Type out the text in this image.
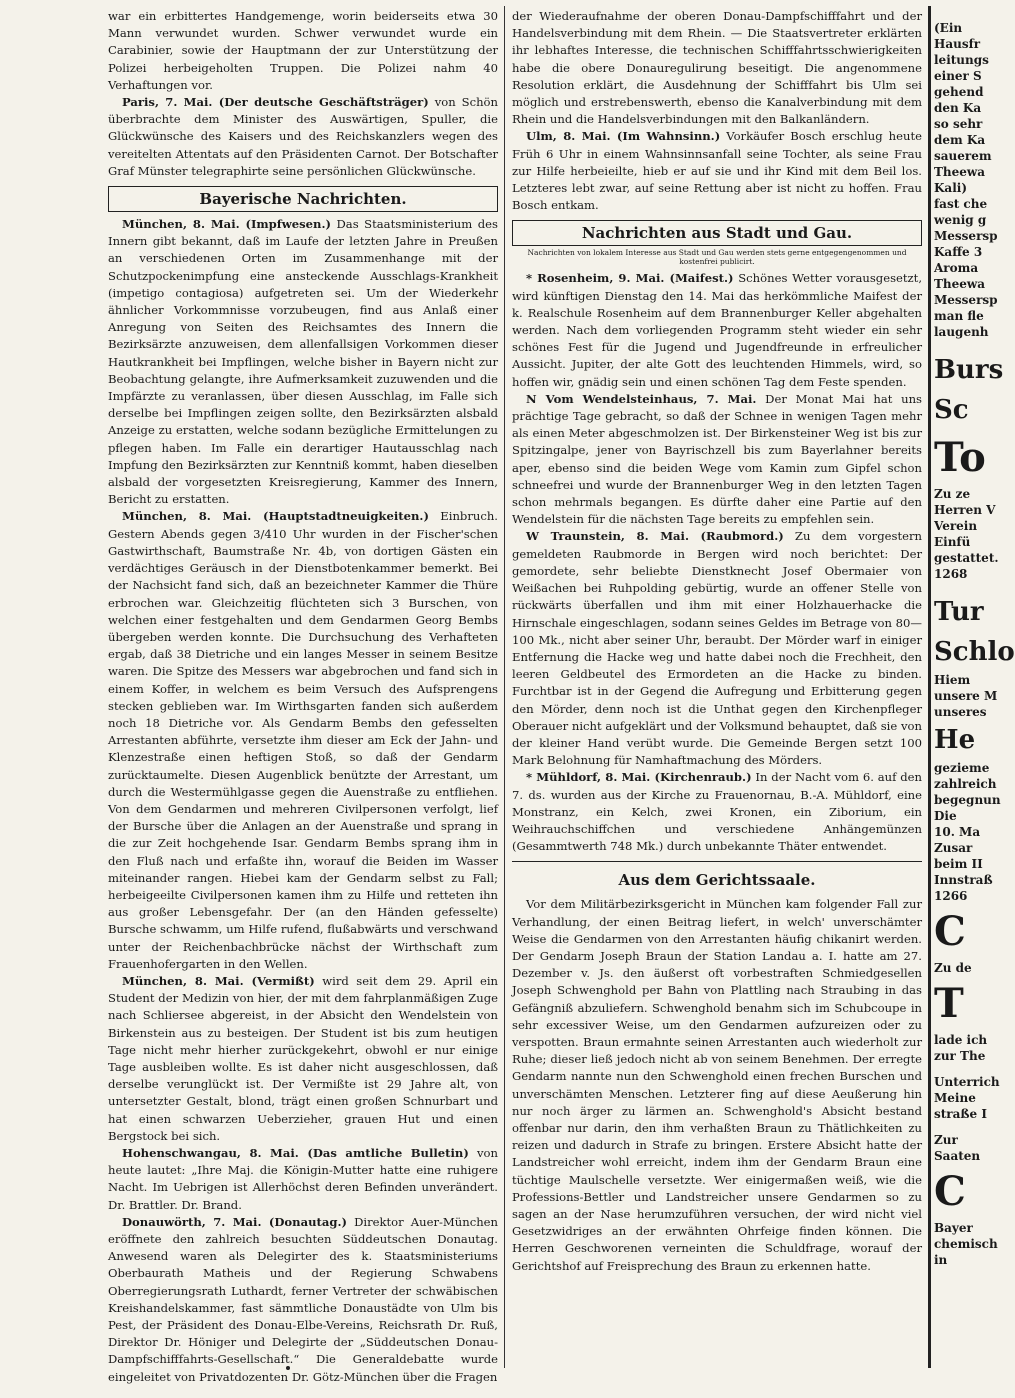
war ein erbittertes Handgemenge, worin beiderseits etwa 30 Mann verwundet wurden. Schwer verwundet wurde ein Carabinier, sowie der Hauptmann der zur Unterstützung der Polizei herbeigeholten Truppen. Die Polizei nahm 40 Verhaftungen vor.

Paris, 7. Mai. (Der deutsche Geschäftsträger) von Schön überbrachte dem Minister des Auswärtigen, Spuller, die Glückwünsche des Kaisers und des Reichskanzlers wegen des vereitelten Attentats auf den Präsidenten Carnot. Der Botschafter Graf Münster telegraphirte seine persönlichen Glückwünsche.

Bayerische Nachrichten.

München, 8. Mai. (Impfwesen.) Das Staatsministerium des Innern gibt bekannt, daß im Laufe der letzten Jahre in Preußen an verschiedenen Orten im Zusammenhange mit der Schutzpockenimpfung eine ansteckende Ausschlags-Krankheit (impetigo contagiosa) aufgetreten sei. Um der Wiederkehr ähnlicher Vorkommnisse vorzubeugen, find aus Anlaß einer Anregung von Seiten des Reichsamtes des Innern die Bezirksärzte anzuweisen, dem allenfallsigen Vorkommen dieser Hautkrankheit bei Impflingen, welche bisher in Bayern nicht zur Beobachtung gelangte, ihre Aufmerksamkeit zuzuwenden und die Impfärzte zu veranlassen, über diesen Ausschlag, im Falle sich derselbe bei Impflingen zeigen sollte, den Bezirksärzten alsbald Anzeige zu erstatten, welche sodann bezügliche Ermittelungen zu pflegen haben. Im Falle ein derartiger Hautausschlag nach Impfung den Bezirksärzten zur Kenntniß kommt, haben dieselben alsbald der vorgesetzten Kreisregierung, Kammer des Innern, Bericht zu erstatten.

München, 8. Mai. (Hauptstadtneuigkeiten.) Einbruch. Gestern Abends gegen 3/410 Uhr wurden in der Fischer'schen Gastwirthschaft, Baumstraße Nr. 4b, von dortigen Gästen ein verdächtiges Geräusch in der Dienstbotenkammer bemerkt. Bei der Nachsicht fand sich, daß an bezeichneter Kammer die Thüre erbrochen war. Gleichzeitig flüchteten sich 3 Burschen, von welchen einer festgehalten und dem Gendarmen Georg Bembs übergeben werden konnte. Die Durchsuchung des Verhafteten ergab, daß 38 Dietriche und ein langes Messer in seinem Besitze waren. Die Spitze des Messers war abgebrochen und fand sich in einem Koffer, in welchem es beim Versuch des Aufsprengens stecken geblieben war. Im Wirthsgarten fanden sich außerdem noch 18 Dietriche vor. Als Gendarm Bembs den gefesselten Arrestanten abführte, versetzte ihm dieser am Eck der Jahn- und Klenzestraße einen heftigen Stoß, so daß der Gendarm zurücktaumelte. Diesen Augenblick benützte der Arrestant, um durch die Westermühlgasse gegen die Auenstraße zu entfliehen. Von dem Gendarmen und mehreren Civilpersonen verfolgt, lief der Bursche über die Anlagen an der Auenstraße und sprang in die zur Zeit hochgehende Isar. Gendarm Bembs sprang ihm in den Fluß nach und erfaßte ihn, worauf die Beiden im Wasser miteinander rangen. Hiebei kam der Gendarm selbst zu Fall; herbeigeeilte Civilpersonen kamen ihm zu Hilfe und retteten ihn aus großer Lebensgefahr. Der (an den Händen gefesselte) Bursche schwamm, um Hilfe rufend, flußabwärts und verschwand unter der Reichenbachbrücke nächst der Wirthschaft zum Frauenhofergarten in den Wellen.

München, 8. Mai. (Vermißt) wird seit dem 29. April ein Student der Medizin von hier, der mit dem fahrplanmäßigen Zuge nach Schliersee abgereist, in der Absicht den Wendelstein von Birkenstein aus zu besteigen. Der Student ist bis zum heutigen Tage nicht mehr hierher zurückgekehrt, obwohl er nur einige Tage ausbleiben wollte. Es ist daher nicht ausgeschlossen, daß derselbe verunglückt ist. Der Vermißte ist 29 Jahre alt, von untersetzter Gestalt, blond, trägt einen großen Schnurbart und hat einen schwarzen Ueberzieher, grauen Hut und einen Bergstock bei sich.

Hohenschwangau, 8. Mai. (Das amtliche Bulletin) von heute lautet: „Ihre Maj. die Königin-Mutter hatte eine ruhigere Nacht. Im Uebrigen ist Allerhöchst deren Befinden unverändert. Dr. Brattler. Dr. Brand.

Donauwörth, 7. Mai. (Donautag.) Direktor Auer-München eröffnete den zahlreich besuchten Süddeutschen Donautag. Anwesend waren als Delegirter des k. Staatsministeriums Oberbaurath Matheis und der Regierung Schwabens Oberregierungsrath Luthardt, ferner Vertreter der schwäbischen Kreishandelskammer, fast sämmtliche Donaustädte von Ulm bis Pest, der Präsident des Donau-Elbe-Vereins, Reichsrath Dr. Ruß, Direktor Dr. Höniger und Delegirte der „Süddeutschen Donau-Dampfschifffahrts-Gesellschaft.“ Die Generaldebatte wurde eingeleitet von Privatdozenten Dr. Götz-München über die Fragen

der Wiederaufnahme der oberen Donau-Dampfschifffahrt und der Handelsverbindung mit dem Rhein. — Die Staatsvertreter erklärten ihr lebhaftes Interesse, die technischen Schifffahrtsschwierigkeiten habe die obere Donauregulirung beseitigt. Die angenommene Resolution erklärt, die Ausdehnung der Schifffahrt bis Ulm sei möglich und erstrebenswerth, ebenso die Kanalverbindung mit dem Rhein und die Handelsverbindungen mit den Balkanländern.

Ulm, 8. Mai. (Im Wahnsinn.) Vorkäufer Bosch erschlug heute Früh 6 Uhr in einem Wahnsinnsanfall seine Tochter, als seine Frau zur Hilfe herbeieilte, hieb er auf sie und ihr Kind mit dem Beil los. Letzteres lebt zwar, auf seine Rettung aber ist nicht zu hoffen. Frau Bosch entkam.

Nachrichten aus Stadt und Gau.
Nachrichten von lokalem Interesse aus Stadt und Gau werden stets gerne entgegengenommen und kostenfrei publicirt.

* Rosenheim, 9. Mai. (Maifest.) Schönes Wetter vorausgesetzt, wird künftigen Dienstag den 14. Mai das herkömmliche Maifest der k. Realschule Rosenheim auf dem Brannenburger Keller abgehalten werden. Nach dem vorliegenden Programm steht wieder ein sehr schönes Fest für die Jugend und Jugendfreunde in erfreulicher Aussicht. Jupiter, der alte Gott des leuchtenden Himmels, wird, so hoffen wir, gnädig sein und einen schönen Tag dem Feste spenden.

N Vom Wendelsteinhaus, 7. Mai. Der Monat Mai hat uns prächtige Tage gebracht, so daß der Schnee in wenigen Tagen mehr als einen Meter abgeschmolzen ist. Der Birkensteiner Weg ist bis zur Spitzingalpe, jener von Bayrischzell bis zum Bayerlahner bereits aper, ebenso sind die beiden Wege vom Kamin zum Gipfel schon schneefrei und wurde der Brannenburger Weg in den letzten Tagen schon mehrmals begangen. Es dürfte daher eine Partie auf den Wendelstein für die nächsten Tage bereits zu empfehlen sein.

W Traunstein, 8. Mai. (Raubmord.) Zu dem vorgestern gemeldeten Raubmorde in Bergen wird noch berichtet: Der gemordete, sehr beliebte Dienstknecht Josef Obermaier von Weißachen bei Ruhpolding gebürtig, wurde an offener Stelle von rückwärts überfallen und ihm mit einer Holzhauerhacke die Hirnschale eingeschlagen, sodann seines Geldes im Betrage von 80—100 Mk., nicht aber seiner Uhr, beraubt. Der Mörder warf in einiger Entfernung die Hacke weg und hatte dabei noch die Frechheit, den leeren Geldbeutel des Ermordeten an die Hacke zu binden. Furchtbar ist in der Gegend die Aufregung und Erbitterung gegen den Mörder, denn noch ist die Unthat gegen den Kirchenpfleger Oberauer nicht aufgeklärt und der Volksmund behauptet, daß sie von der kleiner Hand verübt wurde. Die Gemeinde Bergen setzt 100 Mark Belohnung für Namhaftmachung des Mörders.

* Mühldorf, 8. Mai. (Kirchenraub.) In der Nacht vom 6. auf den 7. ds. wurden aus der Kirche zu Frauenornau, B.-A. Mühldorf, eine Monstranz, ein Kelch, zwei Kronen, ein Ziborium, ein Weihrauchschiffchen und verschiedene Anhängemünzen (Gesammtwerth 748 Mk.) durch unbekannte Thäter entwendet.

Aus dem Gerichtssaale.

Vor dem Militärbezirksgericht in München kam folgender Fall zur Verhandlung, der einen Beitrag liefert, in welch' unverschämter Weise die Gendarmen von den Arrestanten häufig chikanirt werden. Der Gendarm Joseph Braun der Station Landau a. I. hatte am 27. Dezember v. Js. den äußerst oft vorbestraften Schmiedgesellen Joseph Schwenghold per Bahn von Plattling nach Straubing in das Gefängniß abzuliefern. Schwenghold benahm sich im Schubcoupe in sehr excessiver Weise, um den Gendarmen aufzureizen oder zu verspotten. Braun ermahnte seinen Arrestanten auch wiederholt zur Ruhe; dieser ließ jedoch nicht ab von seinem Benehmen. Der erregte Gendarm nannte nun den Schwenghold einen frechen Burschen und unverschämten Menschen. Letzterer fing auf diese Aeußerung hin nur noch ärger zu lärmen an. Schwenghold's Absicht bestand offenbar nur darin, den ihm verhaßten Braun zu Thätlichkeiten zu reizen und dadurch in Strafe zu bringen. Erstere Absicht hatte der Landstreicher wohl erreicht, indem ihm der Gendarm Braun eine tüchtige Maulschelle versetzte. Wer einigermaßen weiß, wie die Professions-Bettler und Landstreicher unsere Gendarmen so zu sagen an der Nase herumzuführen versuchen, der wird nicht viel Gesetzwidriges an der erwähnten Ohrfeige finden können. Die Herren Geschworenen verneinten die Schuldfrage, worauf der Gerichtshof auf Freisprechung des Braun zu erkennen hatte.

(Ein
Hausfr
leitungs
einer S
gehend
den Ka
so sehr
dem Ka
sauerem
Theewa
Kali)
fast che
wenig g
Messersp
Kaffe 3
Aroma
Theewa
Messersp
man fle
laugenh
Burs
Sc
To
Zu ze
Herren V
Verein
Einfü
gestattet.
1268
Tur
Schlo
Hiem
unsere M
unseres
He
gezieme
zahlreich
begegnun
Die
10. Ma
Zusar
beim II
Innstraß
1266
C
Zu de
T
lade ich
zur The
Unterrich
Meine
straße I
Zur
Saaten
C
Bayer
chemisch
in
